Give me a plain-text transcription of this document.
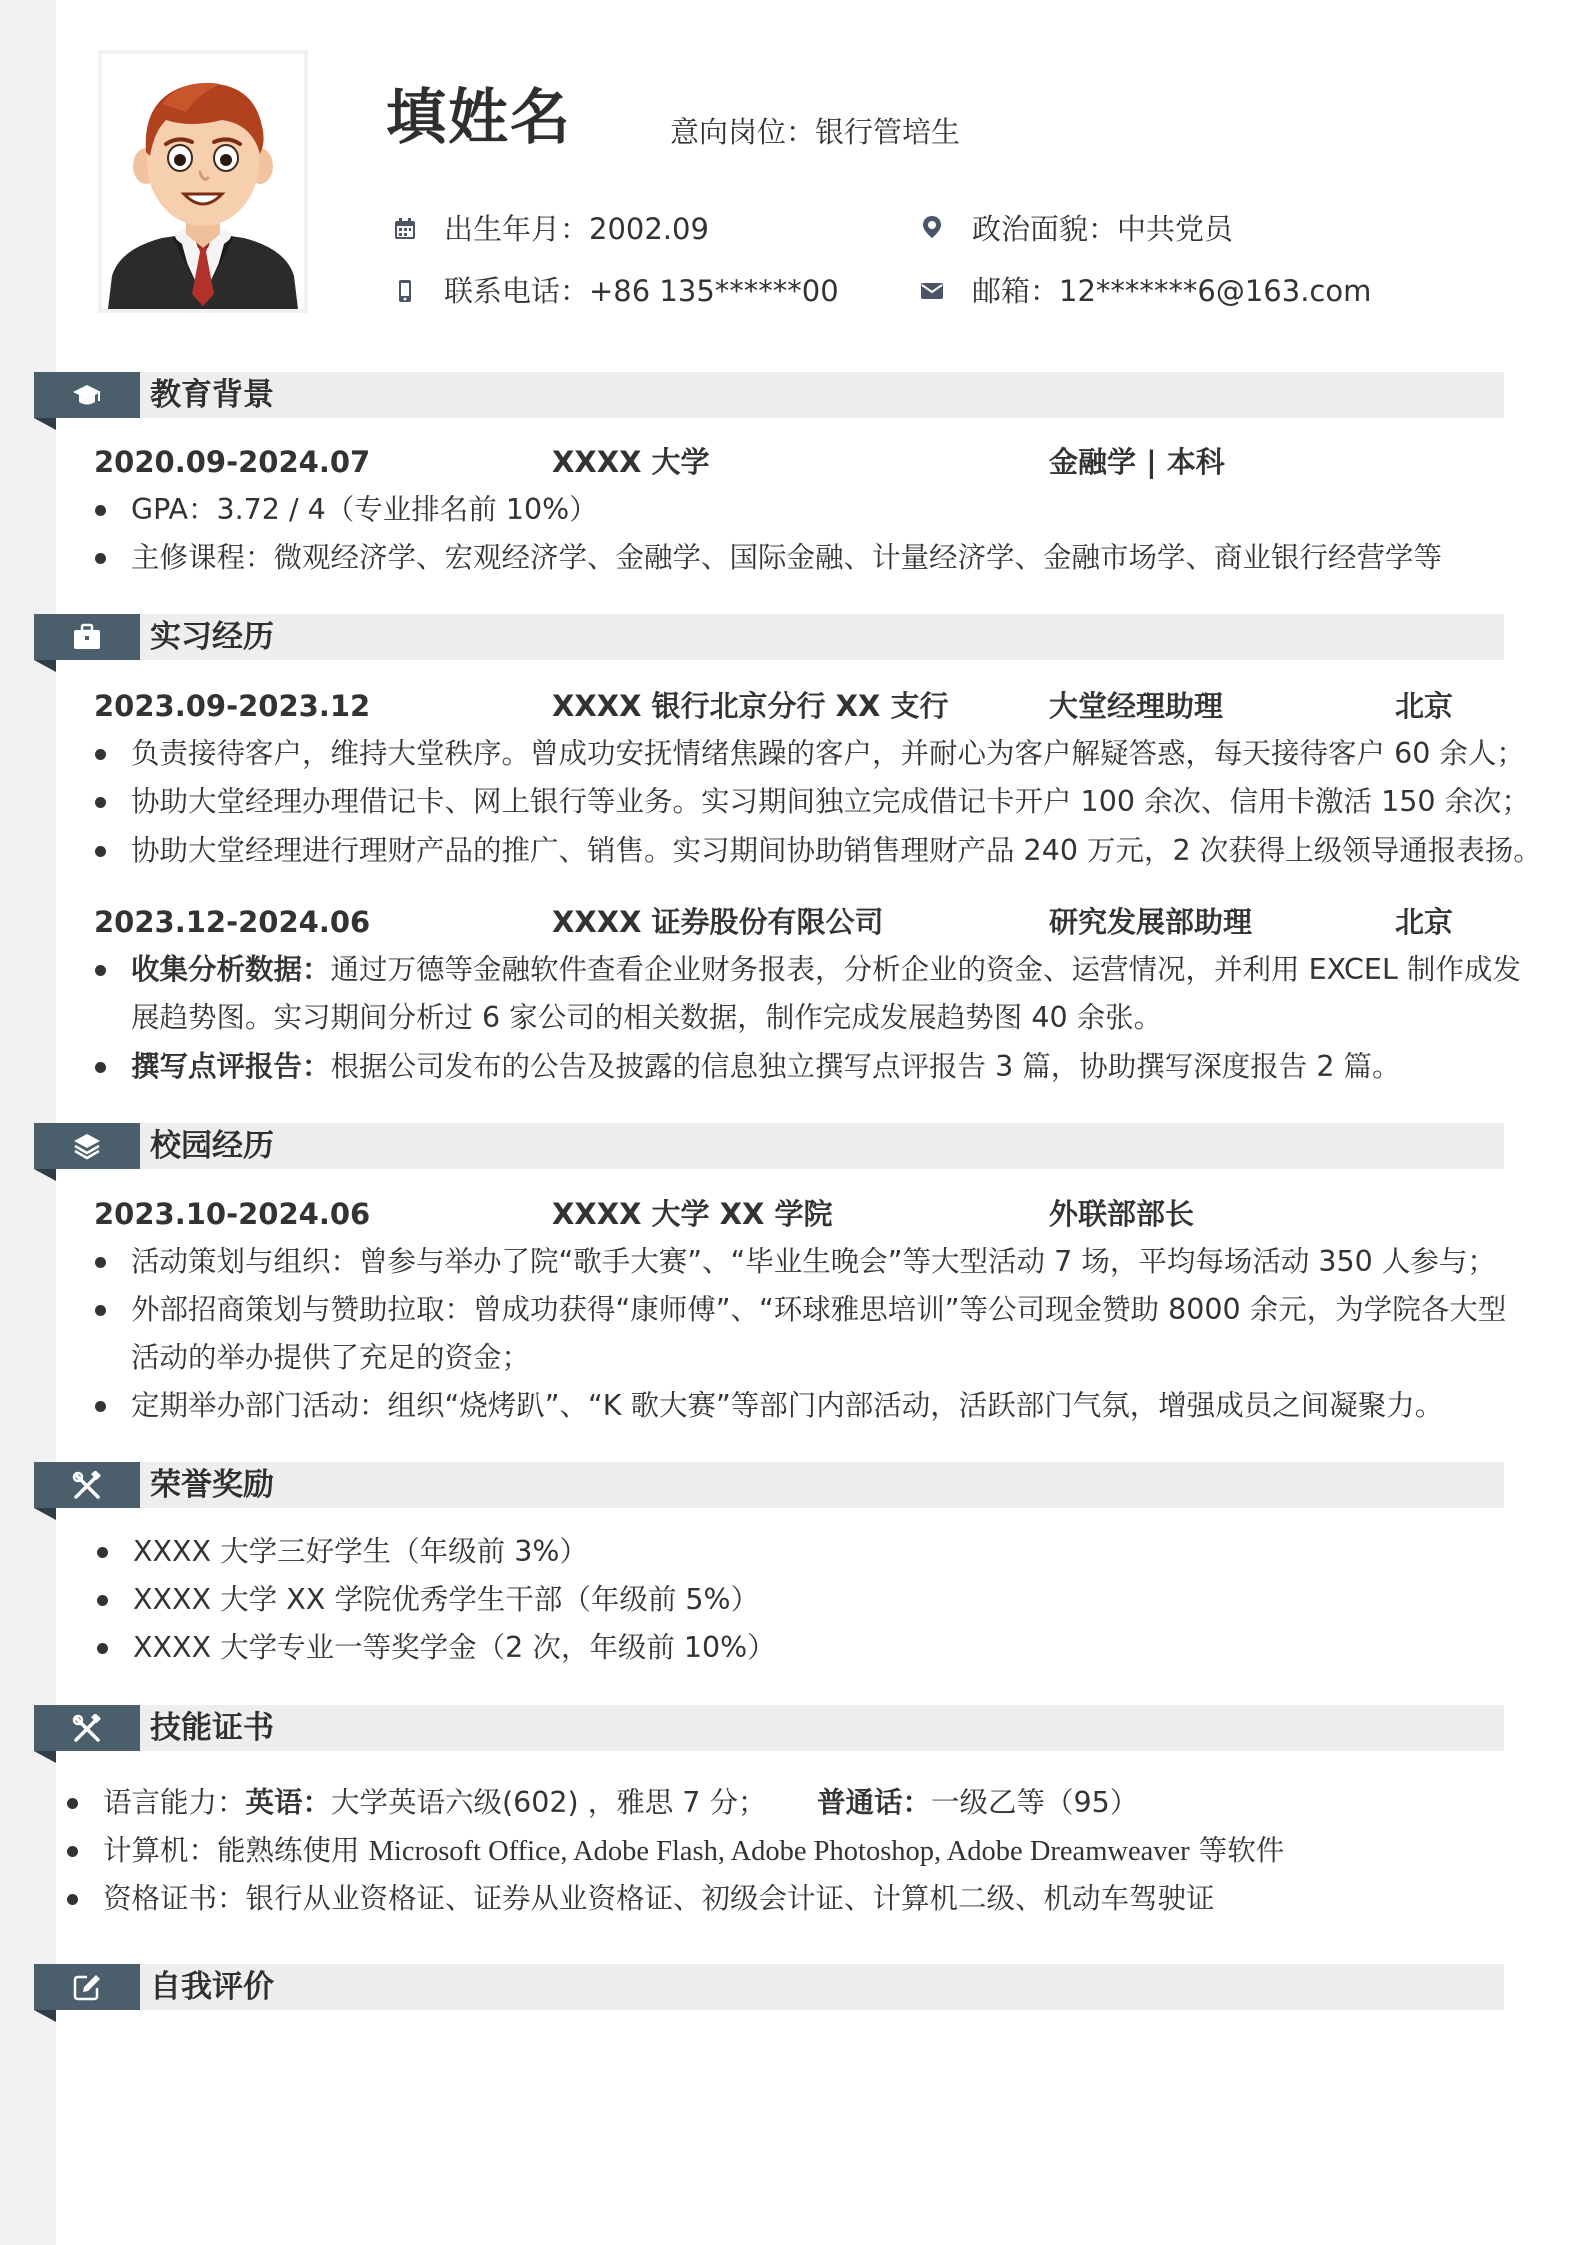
填姓名	意向岗位：银行管培生
出生年月：2002.09	政治面貌：中共党员
联系电话：+86 135******00	邮箱：12*******6@163.com
教育背景
2020.09-2024.07	XXXX 大学	金融学 | 本科
GPA：3.72 / 4（专业排名前 10%）
主修课程：微观经济学、宏观经济学、金融学、国际金融、计量经济学、金融市场学、商业银行经营学等
实习经历
2023.09-2023.12	XXXX 银行北京分行 XX 支行	大堂经理助理	北京
负责接待客户，维持大堂秩序。曾成功安抚情绪焦躁的客户，并耐心为客户解疑答惑，每天接待客户 60 余人；
协助大堂经理办理借记卡、网上银行等业务。实习期间独立完成借记卡开户 100 余次、信用卡激活 150 余次；
协助大堂经理进行理财产品的推广、销售。实习期间协助销售理财产品 240 万元，2 次获得上级领导通报表扬。
2023.12-2024.06	XXXX 证券股份有限公司	研究发展部助理	北京
收集分析数据：通过万德等金融软件查看企业财务报表，分析企业的资金、运营情况，并利用 EXCEL 制作成发
展趋势图。实习期间分析过 6 家公司的相关数据，制作完成发展趋势图 40 余张。
撰写点评报告：根据公司发布的公告及披露的信息独立撰写点评报告 3 篇，协助撰写深度报告 2 篇。
校园经历
2023.10-2024.06	XXXX 大学 XX 学院	外联部部长
活动策划与组织：曾参与举办了院“歌手大赛”、“毕业生晚会”等大型活动 7 场，平均每场活动 350 人参与；
外部招商策划与赞助拉取：曾成功获得“康师傅”、“环球雅思培训”等公司现金赞助 8000 余元，为学院各大型
活动的举办提供了充足的资金；
定期举办部门活动：组织“烧烤趴”、“K 歌大赛”等部门内部活动，活跃部门气氛，增强成员之间凝聚力。
荣誉奖励
XXXX 大学三好学生（年级前 3%）
XXXX 大学 XX 学院优秀学生干部（年级前 5%）
XXXX 大学专业一等奖学金（2 次，年级前 10%）
技能证书
语言能力：英语：大学英语六级(602) ，雅思 7 分； 普通话：一级乙等（95）
计算机：能熟练使用 Microsoft Office, Adobe Flash, Adobe Photoshop, Adobe Dreamweaver 等软件
资格证书：银行从业资格证、证券从业资格证、初级会计证、计算机二级、机动车驾驶证
自我评价
